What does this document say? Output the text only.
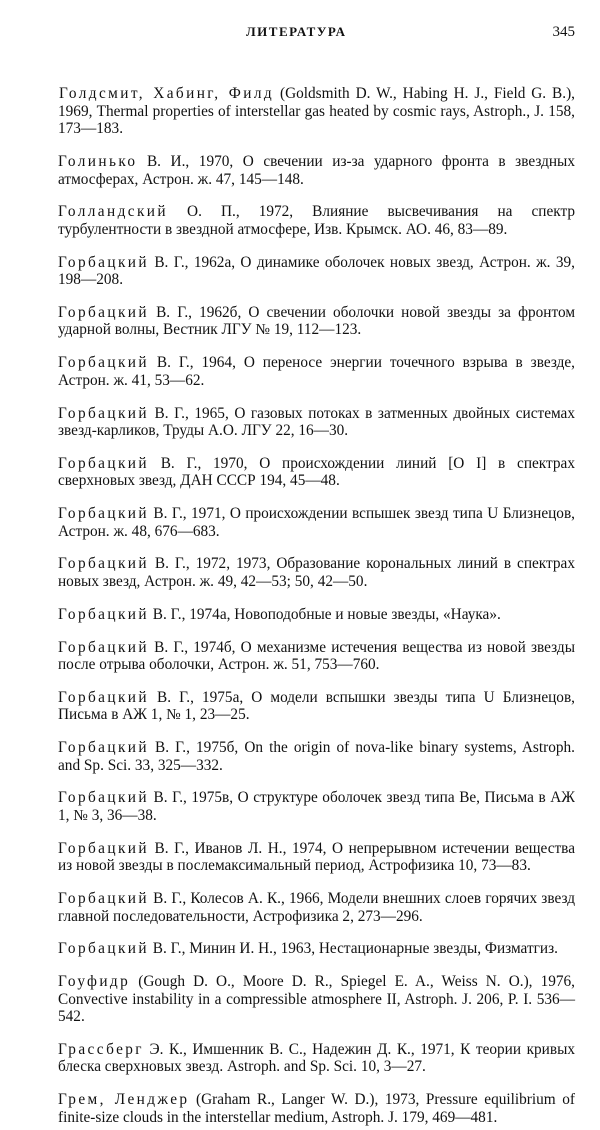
ЛИТЕРАТУРА	345

Голдсмит, Хабинг, Филд (Goldsmith D. W., Habing H. J., Field G. B.), 1969, Thermal properties of interstellar gas heated by cosmic rays, Astroph., J. 158, 173—183.

Голинько В. И., 1970, О свечении из-за ударного фронта в звездных атмосферах, Астрон. ж. 47, 145—148.

Голландский О. П., 1972, Влияние высвечивания на спектр турбулентности в звездной атмосфере, Изв. Крымск. АО. 46, 83—89.

Горбацкий В. Г., 1962а, О динамике оболочек новых звезд, Астрон. ж. 39, 198—208.

Горбацкий В. Г., 1962б, О свечении оболочки новой звезды за фронтом ударной волны, Вестник ЛГУ № 19, 112—123.

Горбацкий В. Г., 1964, О переносе энергии точечного взрыва в звезде, Астрон. ж. 41, 53—62.

Горбацкий В. Г., 1965, О газовых потоках в затменных двойных системах звезд-карликов, Труды А.О. ЛГУ 22, 16—30.

Горбацкий В. Г., 1970, О происхождении линий [O I] в спектрах сверхновых звезд, ДАН СССР 194, 45—48.

Горбацкий В. Г., 1971, О происхождении вспышек звезд типа U Близнецов, Астрон. ж. 48, 676—683.

Горбацкий В. Г., 1972, 1973, Образование корональных линий в спектрах новых звезд, Астрон. ж. 49, 42—53; 50, 42—50.

Горбацкий В. Г., 1974а, Новоподобные и новые звезды, «Наука».

Горбацкий В. Г., 1974б, О механизме истечения вещества из новой звезды после отрыва оболочки, Астрон. ж. 51, 753—760.

Горбацкий В. Г., 1975а, О модели вспышки звезды типа U Близнецов, Письма в АЖ 1, № 1, 23—25.

Горбацкий В. Г., 1975б, On the origin of nova-like binary systems, Astroph. and Sp. Sci. 33, 325—332.

Горбацкий В. Г., 1975в, О структуре оболочек звезд типа Ве, Письма в АЖ 1, № 3, 36—38.

Горбацкий В. Г., Иванов Л. Н., 1974, О непрерывном истечении вещества из новой звезды в послемаксимальный период, Астрофизика 10, 73—83.

Горбацкий В. Г., Колесов А. К., 1966, Модели внешних слоев горячих звезд главной последовательности, Астрофизика 2, 273—296.

Горбацкий В. Г., Минин И. Н., 1963, Нестационарные звезды, Физматгиз.

Гоуфидр (Gough D. O., Moore D. R., Spiegel E. A., Weiss N. O.), 1976, Convective instability in a compressible atmosphere II, Astroph. J. 206, P. I. 536—542.

Грассберг Э. К., Имшенник В. С., Надежин Д. К., 1971, К теории кривых блеска сверхновых звезд. Astroph. and Sp. Sci. 10, 3—27.

Грем, Ленджер (Graham R., Langer W. D.), 1973, Pressure equilibrium of finite-size clouds in the interstellar medium, Astroph. J. 179, 469—481.
